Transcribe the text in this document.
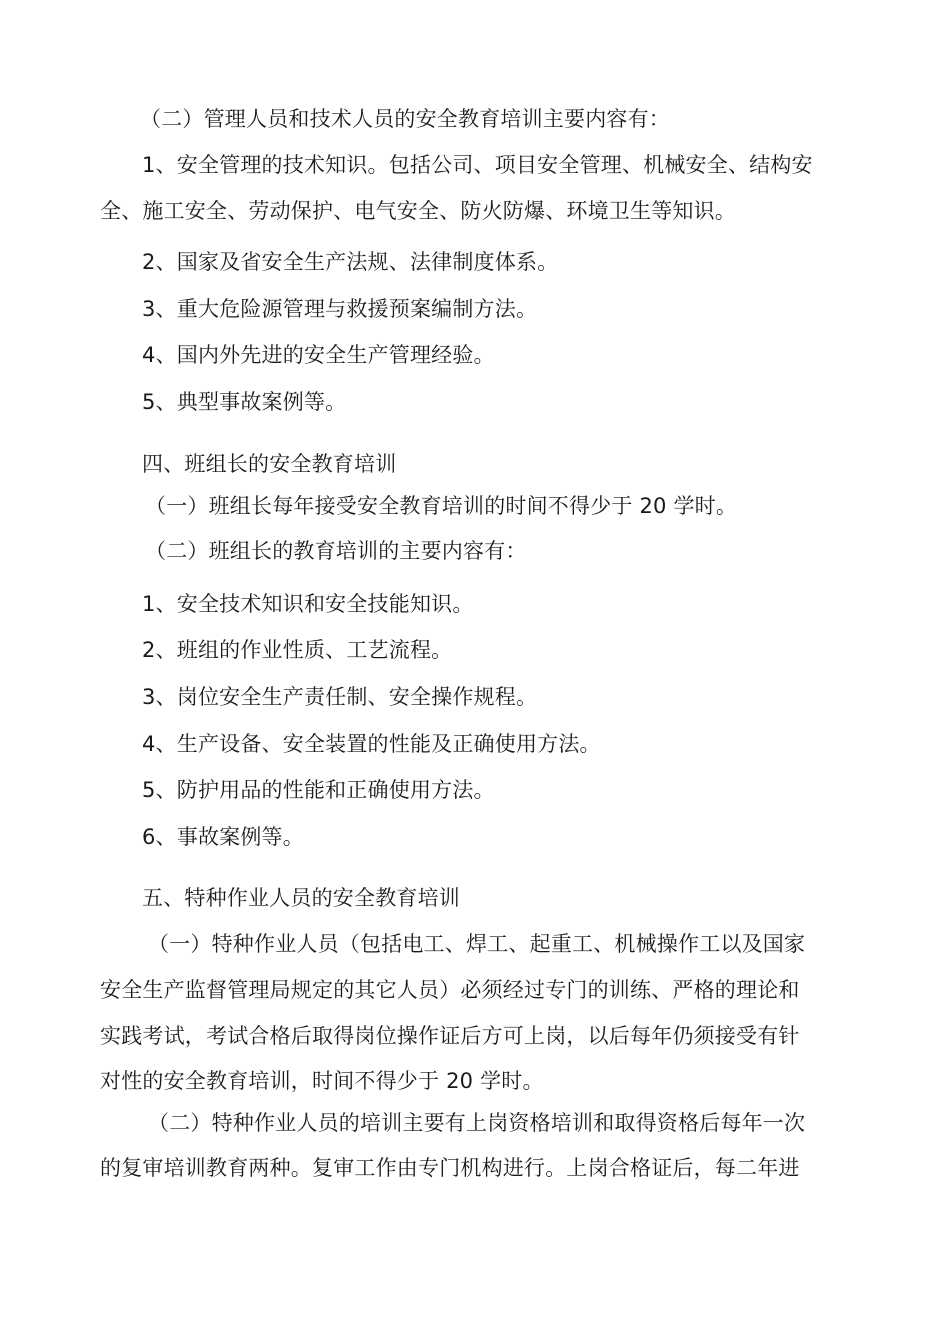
（二）管理人员和技术人员的安全教育培训主要内容有：
1、安全管理的技术知识。包括公司、项目安全管理、机械安全、结构安
全、施工安全、劳动保护、电气安全、防火防爆、环境卫生等知识。
2、国家及省安全生产法规、法律制度体系。
3、重大危险源管理与救援预案编制方法。
4、国内外先进的安全生产管理经验。
5、典型事故案例等。
四、班组长的安全教育培训
（一）班组长每年接受安全教育培训的时间不得少于 20 学时。
（二）班组长的教育培训的主要内容有：
1、安全技术知识和安全技能知识。
2、班组的作业性质、工艺流程。
3、岗位安全生产责任制、安全操作规程。
4、生产设备、安全装置的性能及正确使用方法。
5、防护用品的性能和正确使用方法。
6、事故案例等。
五、特种作业人员的安全教育培训
（一）特种作业人员（包括电工、焊工、起重工、机械操作工以及国家
安全生产监督管理局规定的其它人员）必须经过专门的训练、严格的理论和
实践考试，考试合格后取得岗位操作证后方可上岗，以后每年仍须接受有针
对性的安全教育培训，时间不得少于 20 学时。
（二）特种作业人员的培训主要有上岗资格培训和取得资格后每年一次
的复审培训教育两种。复审工作由专门机构进行。上岗合格证后，每二年进
